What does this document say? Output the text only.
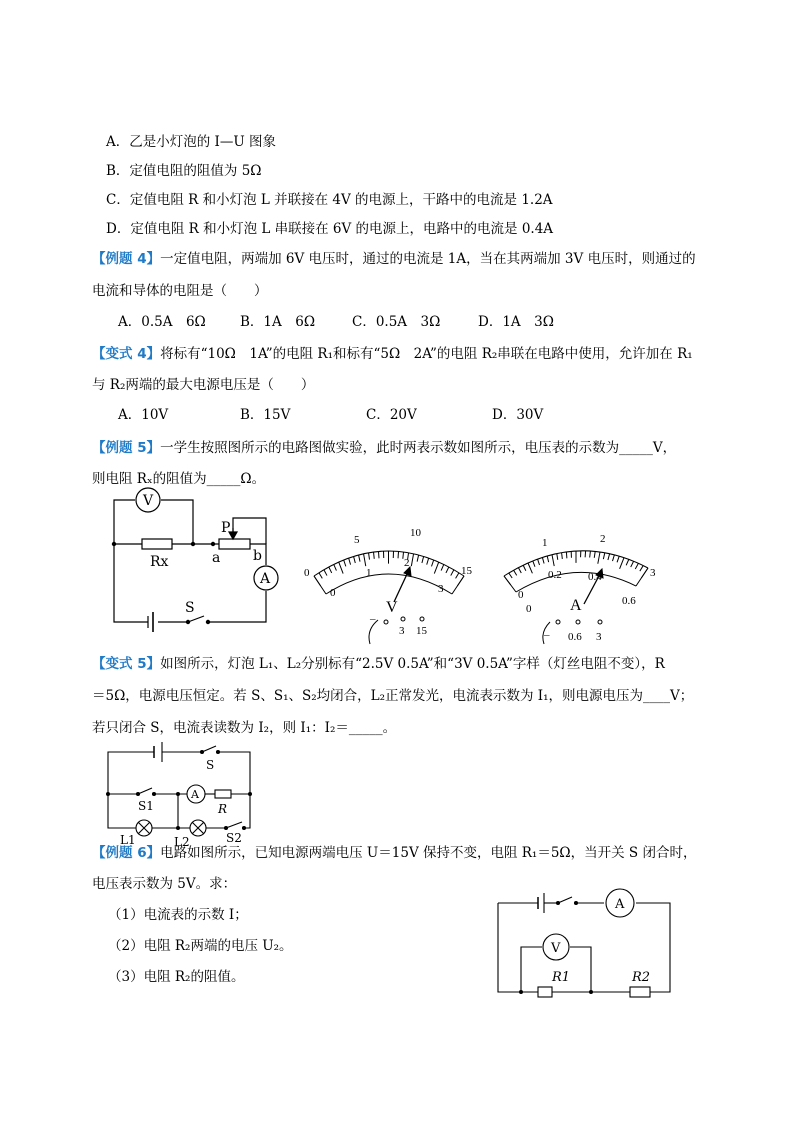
A．乙是小灯泡的 I—U 图象
B．定值电阻的阻值为 5Ω
C．定值电阻 R 和小灯泡 L 并联接在 4V 的电源上，干路中的电流是 1.2A
D．定值电阻 R 和小灯泡 L 串联接在 6V 的电源上，电路中的电流是 0.4A
【例题 4】一定值电阻，两端加 6V 电压时，通过的电流是 1A，当在其两端加 3V 电压时，则通过的
电流和导体的电阻是（　　）
A．0.5A　6Ω	B．1A　6Ω	C．0.5A　3Ω	D．1A　3Ω
【变式 4】将标有“10Ω　1A”的电阻 R₁和标有“5Ω　2A”的电阻 R₂串联在电路中使用，允许加在 R₁
与 R₂两端的最大电源电压是（　　）
A．10V	B．15V	C．20V	D．30V
【例题 5】一学生按照图所示的电路图做实验，此时两表示数如图所示，电压表的示数为_____V，
则电阻 Rₓ的阻值为_____Ω。
V
A
Rx
P
a b
S
0
5
10
15
0
1
2
3
V
–
3 15
0
1	2
3
0
0.2 0.4
0.6
A
– 0.6 3
【变式 5】如图所示，灯泡 L₁、L₂分别标有“2.5V 0.5A”和“3V 0.5A”字样（灯丝电阻不变），R
＝5Ω，电源电压恒定。若 S、S₁、S₂均闭合，L₂正常发光，电流表示数为 I₁，则电源电压为____V；
若只闭合 S，电流表读数为 I₂，则 I₁：I₂＝_____。
S
S1
A
R
L1	L2	S2
【例题 6】电路如图所示，已知电源两端电压 U＝15V 保持不变，电阻 R₁＝5Ω，当开关 S 闭合时，
电压表示数为 5V。求：
（1）电流表的示数 I；
（2）电阻 R₂两端的电压 U₂。
（3）电阻 R₂的阻值。
A
V
R1	R2
